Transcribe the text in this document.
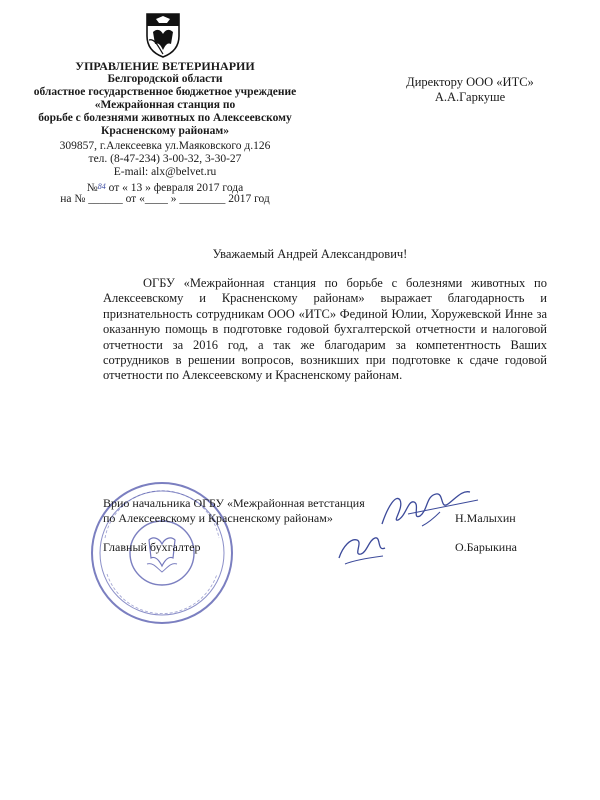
УПРАВЛЕНИЕ ВЕТЕРИНАРИИ
Белгородской области
областное государственное бюджетное учреждение
«Межрайонная станция по
борьбе с болезнями животных по Алексеевскому
Красненскому районам»
309857, г.Алексеевка ул.Маяковского д.126
тел. (8-47-234) 3-00-32, 3-30-27
E-mail: alx@belvet.ru
№84 от « 13 » февраля 2017 года
на № ______ от «____ » ________ 2017 год
Директору ООО «ИТС»
А.А.Гаркуше
Уважаемый Андрей Александрович!

ОГБУ «Межрайонная станция по борьбе с болезнями животных по Алексеевскому и Красненскому районам» выражает благодарность и признательность сотрудникам ООО «ИТС» Фединой Юлии, Хоружевской Инне за оказанную помощь в подготовке годовой бухгалтерской отчетности и налоговой отчетности за 2016 год, а так же благодарим за компетентность Ваших сотрудников в решении вопросов, возникших при подготовке к сдаче годовой отчетности по Алексеевскому и Красненскому районам.

Врио начальника ОГБУ «Межрайонная ветстанция
по Алексеевскому и Красненскому районам»	Н.Малыхин
Главный бухгалтер	О.Барыкина
